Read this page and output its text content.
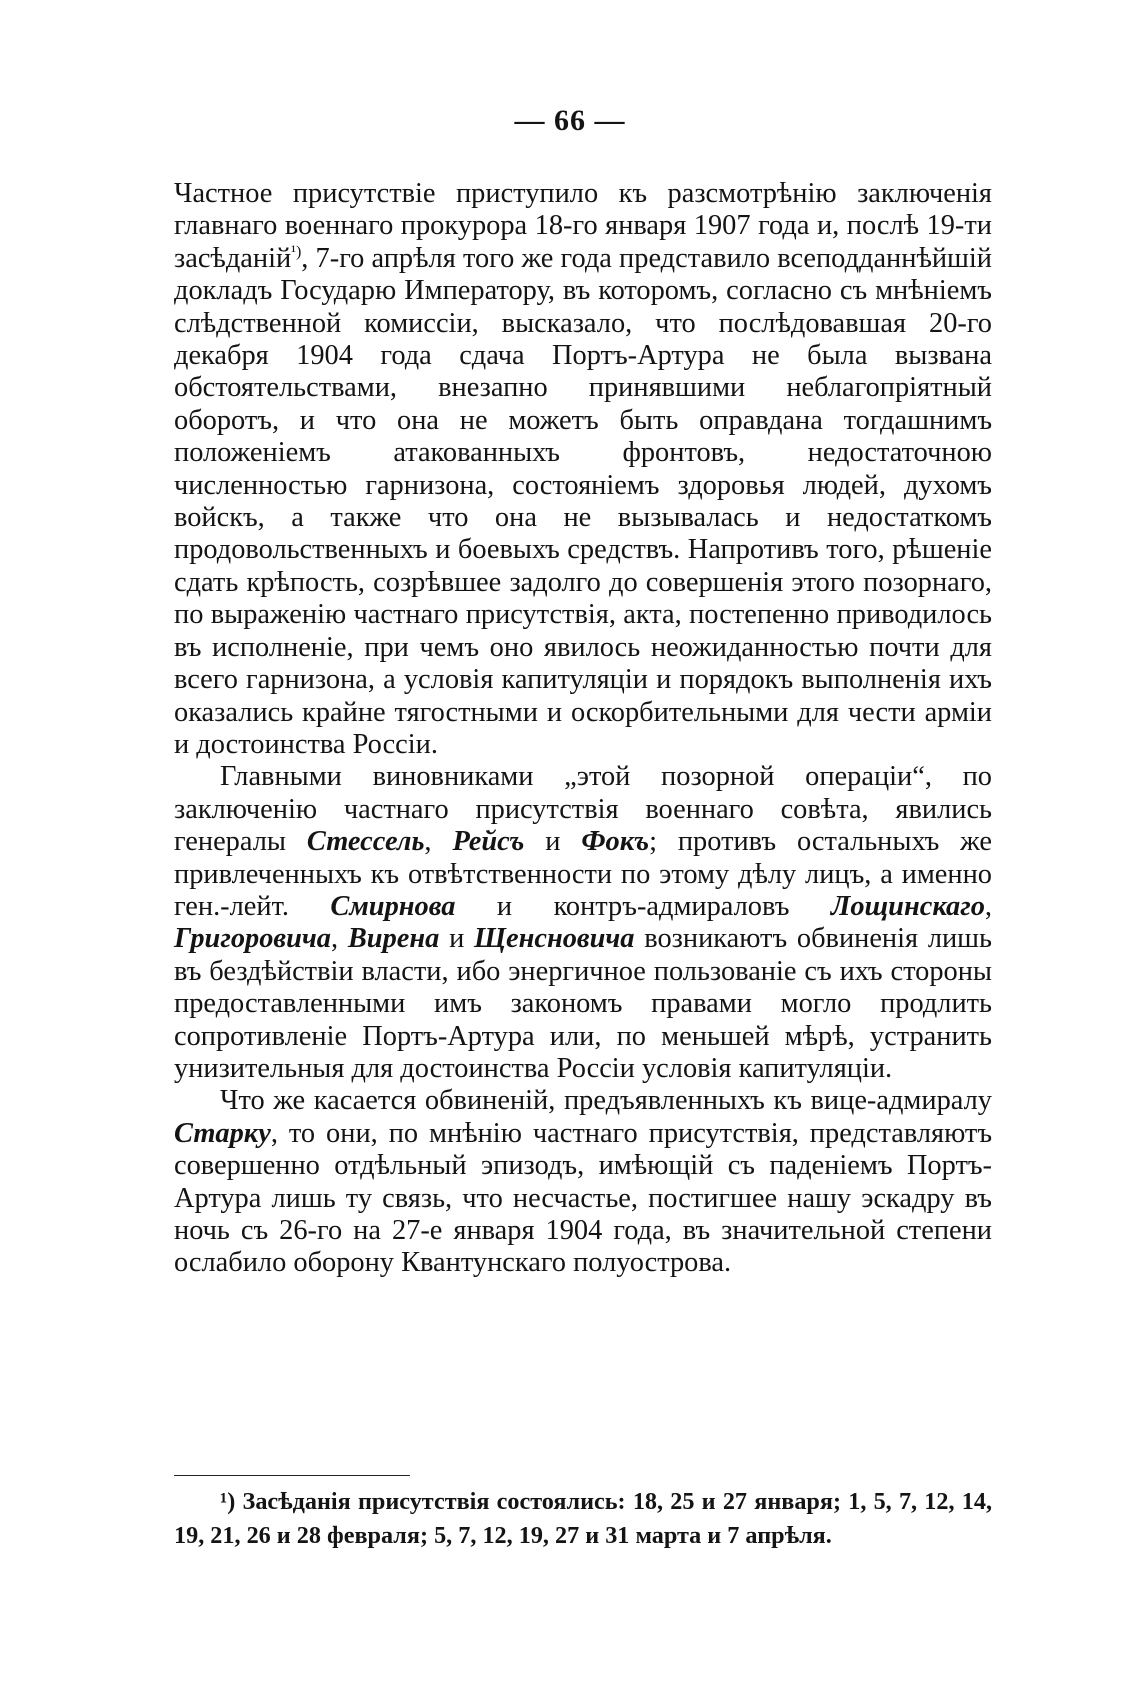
— 66 —

Частное присутствіе приступило къ разсмотрѣнію заключенія главнаго военнаго прокурора 18-го января 1907 года и, послѣ 19-ти засѣданій$^{^1)}$, 7-го апрѣля того же года представило всеподданнѣйшій докладъ Государю Императору, въ которомъ, согласно съ мнѣніемъ слѣдственной комиссіи, высказало, что послѣдовавшая 20-го декабря 1904 года сдача Портъ-Артура не была вызвана обстоятельствами, внезапно принявшими неблагопріятный оборотъ, и что она не можетъ быть оправдана тогдашнимъ положеніемъ атакованныхъ фронтовъ, недостаточною численностью гарнизона, состояніемъ здоровья людей, духомъ войскъ, а также что она не вызывалась и недостаткомъ продовольственныхъ и боевыхъ средствъ. Напротивъ того, рѣшеніе сдать крѣпость, созрѣвшее задолго до совершенія этого позорнаго, по выраженію частнаго присутствія, акта, постепенно приводилось въ исполненіе, при чемъ оно явилось неожиданностью почти для всего гарнизона, а условія капитуляціи и порядокъ выполненія ихъ оказались крайне тягостными и оскорбительными для чести арміи и достоинства Россіи.

Главными виновниками „этой позорной операціи“, по заключенію частнаго присутствія военнаго совѣта, явились генералы Стессель, Рейсъ и Фокъ; противъ остальныхъ же привлеченныхъ къ отвѣтственности по этому дѣлу лицъ, а именно ген.-лейт. Смирнова и контръ-адмираловъ Лощинскаго, Григоровича, Вирена и Щенсновича возникаютъ обвиненія лишь въ бездѣйствіи власти, ибо энергичное пользованіе съ ихъ стороны предоставленными имъ закономъ правами могло продлить сопротивленіе Портъ-Артура или, по меньшей мѣрѣ, устранить унизительныя для достоинства Россіи условія капитуляціи.

Что же касается обвиненій, предъявленныхъ къ вице-адмиралу Старку, то они, по мнѣнію частнаго присутствія, представляютъ совершенно отдѣльный эпизодъ, имѣющій съ паденіемъ Портъ-Артура лишь ту связь, что несчастье, постигшее нашу эскадру въ ночь съ 26-го на 27-е января 1904 года, въ значительной степени ослабило оборону Квантунскаго полуострова.

¹) Засѣданія присутствія состоялись: 18, 25 и 27 января; 1, 5, 7, 12, 14, 19, 21, 26 и 28 февраля; 5, 7, 12, 19, 27 и 31 марта и 7 апрѣля.
